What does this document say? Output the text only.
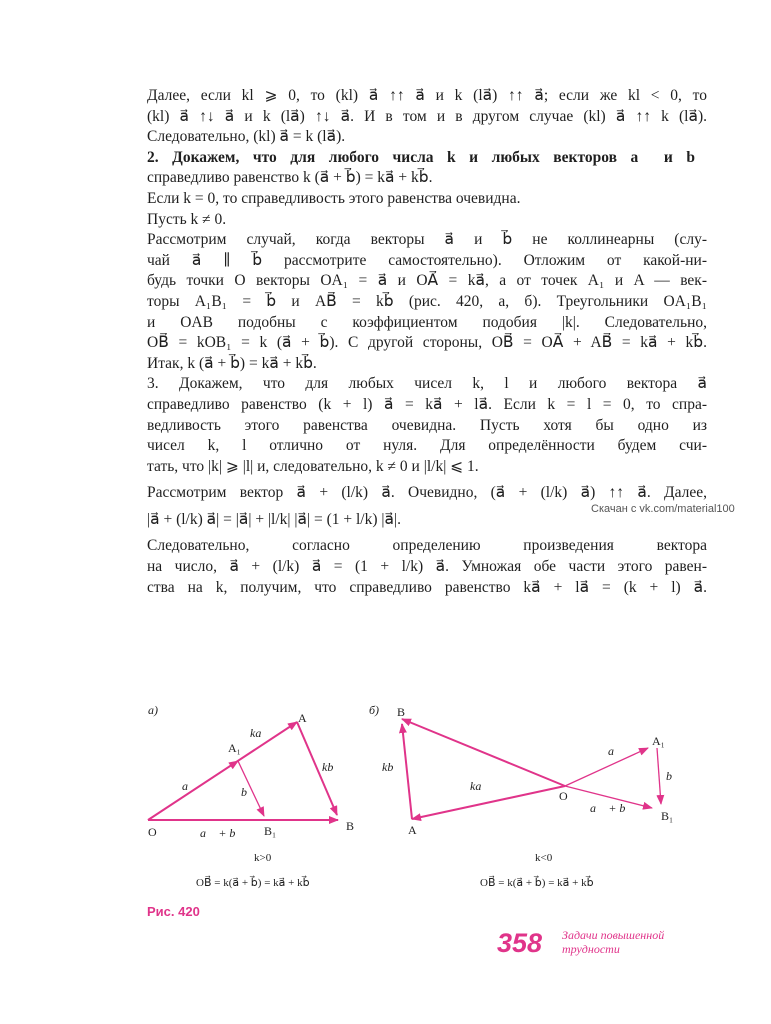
Далее, если kl ⩾ 0, то (kl) a⃗ ↑↑ a⃗ и k (la⃗) ↑↑ a⃗; если же kl < 0, то
(kl) a⃗ ↑↓ a⃗ и k (la⃗) ↑↓ a⃗. И в том и в другом случае (kl) a⃗ ↑↑ k (la⃗).
Следовательно, (kl) a⃗ = k (la⃗).
2. Докажем, что для любого числа k и любых векторов a⃗ и b⃗
справедливо равенство k (a⃗ + b⃗) = ka⃗ + kb⃗.
Если k = 0, то справедливость этого равенства очевидна.
Пусть k ≠ 0.
Рассмотрим случай, когда векторы a⃗ и b⃗ не коллинеарны (слу-
чай a⃗ ∥ b⃗ рассмотрите самостоятельно). Отложим от какой-ни-
будь точки O векторы OA₁ = a⃗ и OA⃗ = ka⃗, а от точек A₁ и A — век-
торы A₁B₁ = b⃗ и AB⃗ = kb⃗ (рис. 420, а, б). Треугольники OA₁B₁
и OAB подобны с коэффициентом подобия |k|. Следовательно,
OB⃗ = kOB₁ = k (a⃗ + b⃗). С другой стороны, OB⃗ = OA⃗ + AB⃗ = ka⃗ + kb⃗.
Итак, k (a⃗ + b⃗) = ka⃗ + kb⃗.
3. Докажем, что для любых чисел k, l и любого вектора a⃗
справедливо равенство (k + l) a⃗ = ka⃗ + la⃗. Если k = l = 0, то спра-
ведливость этого равенства очевидна. Пусть хотя бы одно из
чисел k, l отлично от нуля. Для определённости будем счи-
тать, что |k| ⩾ |l| и, следовательно, k ≠ 0 и |l/k| ⩽ 1.
Рассмотрим вектор a⃗ + (l/k) a⃗. Очевидно, (a⃗ + (l/k) a⃗) ↑↑ a⃗. Далее,
|a⃗ + (l/k) a⃗| = |a⃗| + |l/k| |a⃗| = (1 + l/k) |a⃗|.
Следовательно, согласно определению произведения вектора
на число, a⃗ + (l/k) a⃗ = (1 + l/k) a⃗. Умножая обе части этого равен-
ства на k, получим, что справедливо равенство ka⃗ + la⃗ = (k + l) a⃗.
Скачан с vk.com/material100
а)
O
A₁
A
B₁	B
ka⃗
a⃗	b⃗
kb⃗
a⃗ + b⃗
k>0
OB⃗ = k(a⃗ + b⃗) = ka⃗ + kb⃗
б) B
A
O
A₁
B₁
kb⃗
ka⃗
a⃗
b⃗
a⃗ + b⃗
k<0
OB⃗ = k(a⃗ + b⃗) = ka⃗ + kb⃗
Рис. 420
358 Задачи повышенной
трудности
